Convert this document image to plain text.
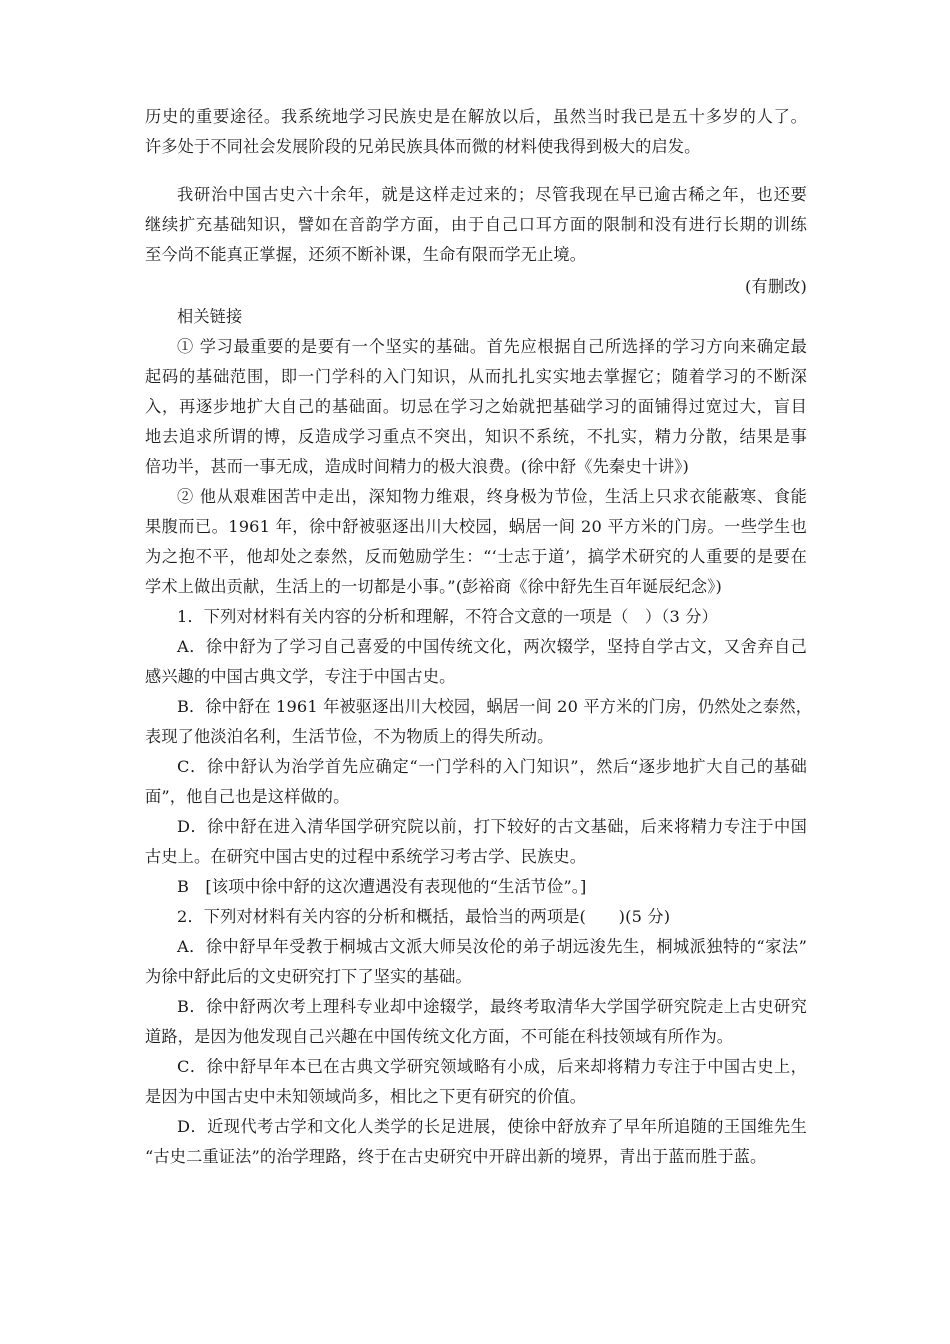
历史的重要途径。我系统地学习民族史是在解放以后，虽然当时我已是五十多岁的人了。
许多处于不同社会发展阶段的兄弟民族具体而微的材料使我得到极大的启发。
我研治中国古史六十余年，就是这样走过来的；尽管我现在早已逾古稀之年，也还要
继续扩充基础知识，譬如在音韵学方面，由于自己口耳方面的限制和没有进行长期的训练
至今尚不能真正掌握，还须不断补课，生命有限而学无止境。
(有删改)
相关链接
① 学习最重要的是要有一个坚实的基础。首先应根据自己所选择的学习方向来确定最
起码的基础范围，即一门学科的入门知识，从而扎扎实实地去掌握它；随着学习的不断深
入，再逐步地扩大自己的基础面。切忌在学习之始就把基础学习的面铺得过宽过大，盲目
地去追求所谓的博，反造成学习重点不突出，知识不系统，不扎实，精力分散，结果是事
倍功半，甚而一事无成，造成时间精力的极大浪费。(徐中舒《先秦史十讲》)
② 他从艰难困苦中走出，深知物力维艰，终身极为节俭，生活上只求衣能蔽寒、食能
果腹而已。1961 年，徐中舒被驱逐出川大校园，蜗居一间 20 平方米的门房。一些学生也
为之抱不平，他却处之泰然，反而勉励学生：“‘士志于道’，搞学术研究的人重要的是要在
学术上做出贡献，生活上的一切都是小事。”(彭裕商《徐中舒先生百年诞辰纪念》)
1．下列对材料有关内容的分析和理解，不符合文意的一项是（　）（3 分）
A．徐中舒为了学习自己喜爱的中国传统文化，两次辍学，坚持自学古文，又舍弃自己
感兴趣的中国古典文学，专注于中国古史。
B．徐中舒在 1961 年被驱逐出川大校园，蜗居一间 20 平方米的门房，仍然处之泰然，
表现了他淡泊名利，生活节俭，不为物质上的得失所动。
C．徐中舒认为治学首先应确定“一门学科的入门知识”，然后“逐步地扩大自己的基础
面”，他自己也是这样做的。
D．徐中舒在进入清华国学研究院以前，打下较好的古文基础，后来将精力专注于中国
古史上。在研究中国古史的过程中系统学习考古学、民族史。
B　[该项中徐中舒的这次遭遇没有表现他的“生活节俭”。]
2．下列对材料有关内容的分析和概括，最恰当的两项是(　　)(5 分)
A．徐中舒早年受教于桐城古文派大师吴汝伦的弟子胡远浚先生，桐城派独特的“家法”
为徐中舒此后的文史研究打下了坚实的基础。
B．徐中舒两次考上理科专业却中途辍学，最终考取清华大学国学研究院走上古史研究
道路，是因为他发现自己兴趣在中国传统文化方面，不可能在科技领域有所作为。
C．徐中舒早年本已在古典文学研究领域略有小成，后来却将精力专注于中国古史上，
是因为中国古史中未知领域尚多，相比之下更有研究的价值。
D．近现代考古学和文化人类学的长足进展，使徐中舒放弃了早年所追随的王国维先生
“古史二重证法”的治学理路，终于在古史研究中开辟出新的境界，青出于蓝而胜于蓝。
